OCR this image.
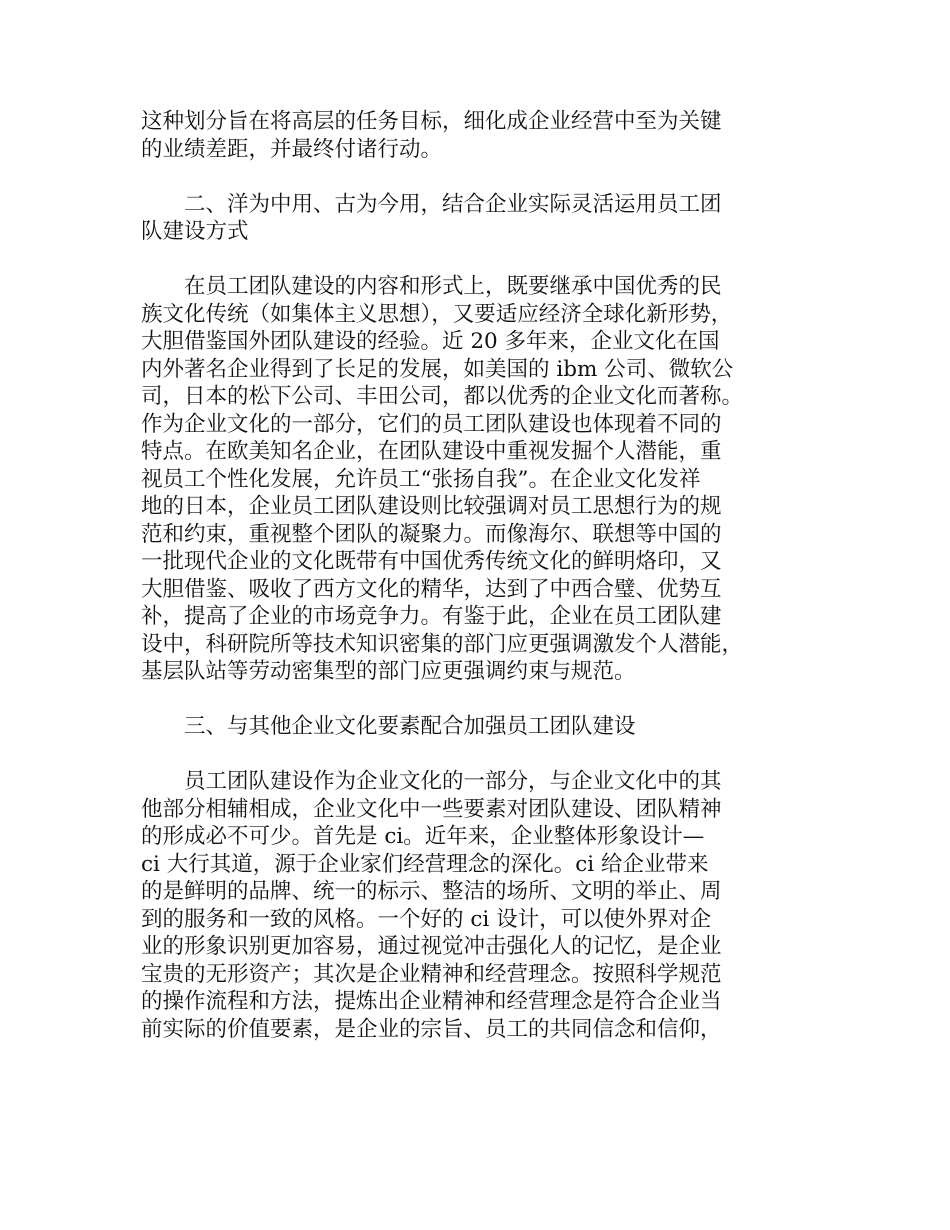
这种划分旨在将高层的任务目标，细化成企业经营中至为关键
的业绩差距，并最终付诸行动。
　　二、洋为中用、古为今用，结合企业实际灵活运用员工团
队建设方式
　　在员工团队建设的内容和形式上，既要继承中国优秀的民
族文化传统（如集体主义思想），又要适应经济全球化新形势，
大胆借鉴国外团队建设的经验。近 20 多年来，企业文化在国
内外著名企业得到了长足的发展，如美国的 ibm 公司、微软公
司，日本的松下公司、丰田公司，都以优秀的企业文化而著称。
作为企业文化的一部分，它们的员工团队建设也体现着不同的
特点。在欧美知名企业，在团队建设中重视发掘个人潜能，重
视员工个性化发展，允许员工“张扬自我”。在企业文化发祥
地的日本，企业员工团队建设则比较强调对员工思想行为的规
范和约束，重视整个团队的凝聚力。而像海尔、联想等中国的
一批现代企业的文化既带有中国优秀传统文化的鲜明烙印，又
大胆借鉴、吸收了西方文化的精华，达到了中西合璧、优势互
补，提高了企业的市场竞争力。有鉴于此，企业在员工团队建
设中，科研院所等技术知识密集的部门应更强调激发个人潜能，
基层队站等劳动密集型的部门应更强调约束与规范。
　　三、与其他企业文化要素配合加强员工团队建设
　　员工团队建设作为企业文化的一部分，与企业文化中的其
他部分相辅相成，企业文化中一些要素对团队建设、团队精神
的形成必不可少。首先是 ci。近年来，企业整体形象设计—
ci 大行其道，源于企业家们经营理念的深化。ci 给企业带来
的是鲜明的品牌、统一的标示、整洁的场所、文明的举止、周
到的服务和一致的风格。一个好的 ci 设计，可以使外界对企
业的形象识别更加容易，通过视觉冲击强化人的记忆，是企业
宝贵的无形资产；其次是企业精神和经营理念。按照科学规范
的操作流程和方法，提炼出企业精神和经营理念是符合企业当
前实际的价值要素，是企业的宗旨、员工的共同信念和信仰，
